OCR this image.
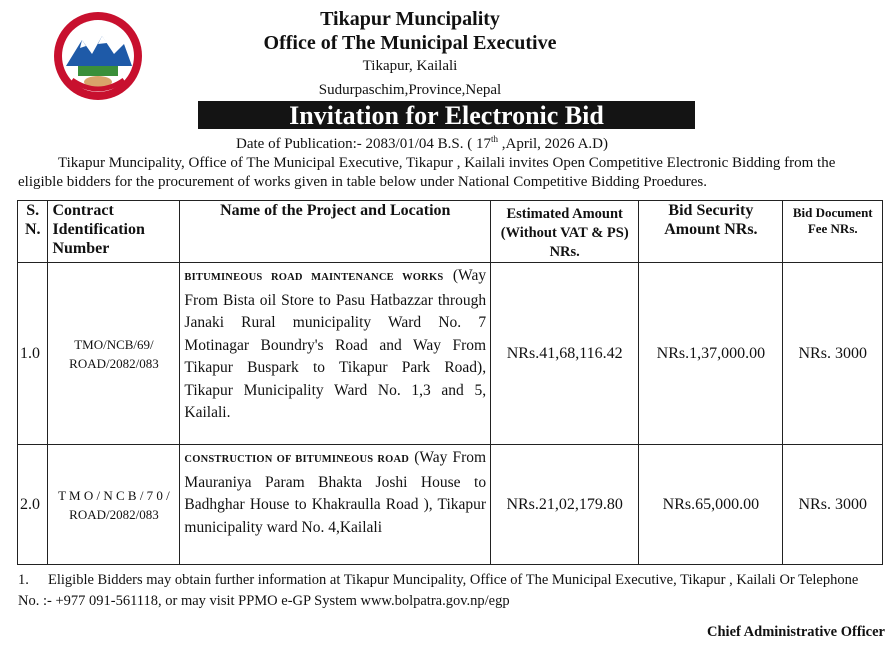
Tikapur Muncipality
Office of The Municipal Executive
Tikapur, Kailali
Sudurpaschim,Province,Nepal
Invitation for Electronic Bid
Date of Publication:- 2083/01/04 B.S. ( 17th ,April, 2026 A.D)
Tikapur Muncipality, Office of The Municipal Executive, Tikapur , Kailali invites Open Competitive Electronic Bidding from the eligible bidders for the procurement of works given in table below under National Competitive Bidding Proedures.
S. N.	Contract Identification Number	Name of the Project and Location	Estimated Amount (Without VAT & PS) NRs.	Bid Security Amount NRs.	Bid Document Fee NRs.
1.0	TMO/NCB/69/ ROAD/2082/083	BITUMINEOUS ROAD MAINTENANCE WORKS (Way From Bista oil Store to Pasu Hatbazzar through Janaki Rural municipality Ward No. 7 Motinagar Boundry's Road and Way From Tikapur Buspark to Tikapur Park Road), Tikapur Municipality Ward No. 1,3 and 5, Kailali.	NRs.41,68,116.42	NRs.1,37,000.00	NRs. 3000
2.0	T M O / N C B / 7 0 / ROAD/2082/083	CONSTRUCTION OF BITUMINEOUS ROAD (Way From Mauraniya Param Bhakta Joshi House to Badhghar House to Khakraulla Road ), Tikapur municipality ward No. 4,Kailali	NRs.21,02,179.80	NRs.65,000.00	NRs. 3000
1. Eligible Bidders may obtain further information at Tikapur Muncipality, Office of The Municipal Executive, Tikapur , Kailali Or Telephone No. :- +977 091-561118, or may visit PPMO e-GP System www.bolpatra.gov.np/egp
Chief Administrative Officer
